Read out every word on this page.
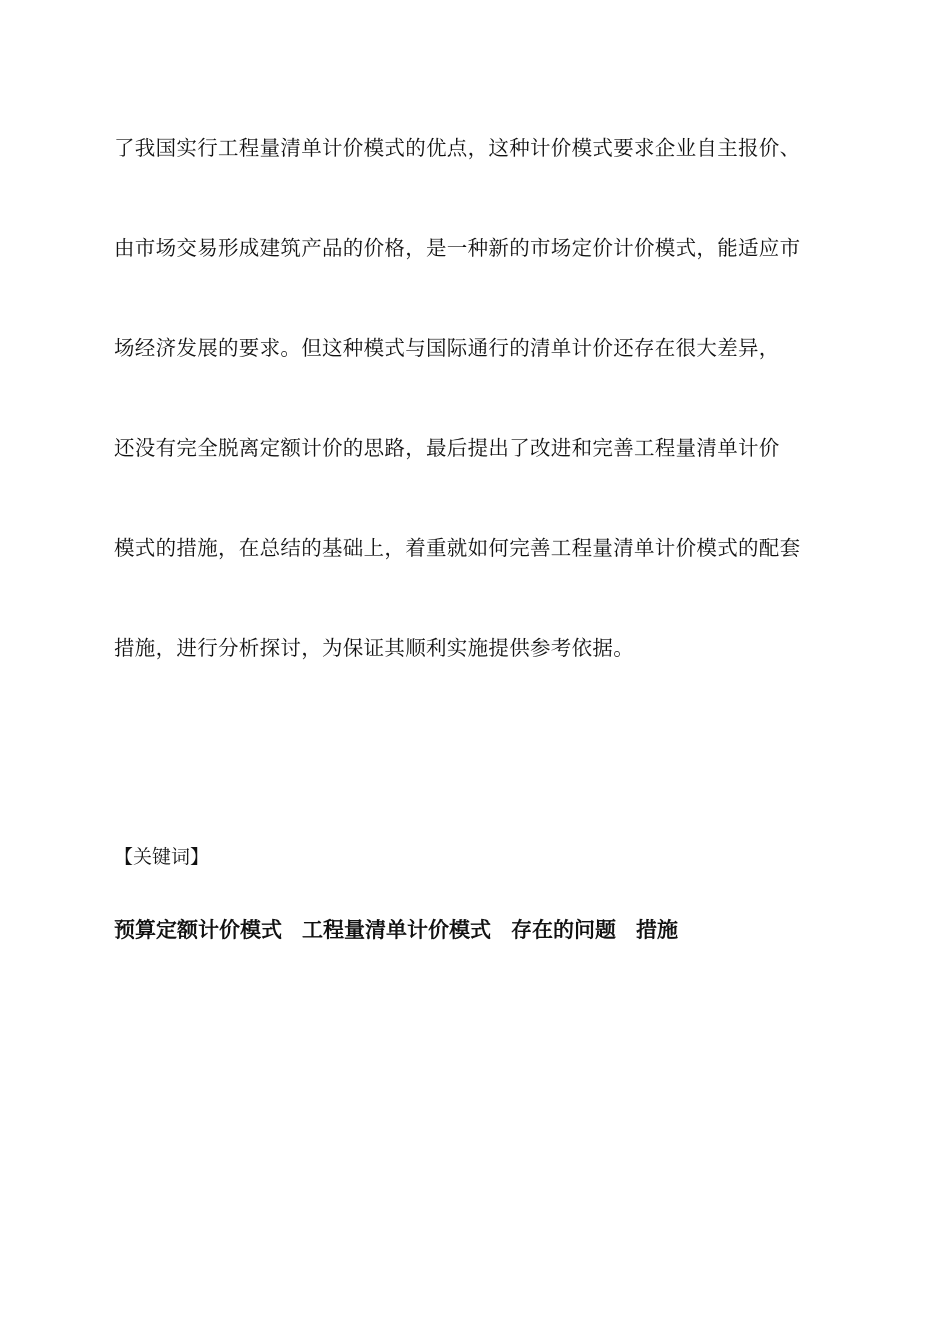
了我国实行工程量清单计价模式的优点，这种计价模式要求企业自主报价、
由市场交易形成建筑产品的价格，是一种新的市场定价计价模式，能适应市
场经济发展的要求。但这种模式与国际通行的清单计价还存在很大差异，
还没有完全脱离定额计价的思路，最后提出了改进和完善工程量清单计价
模式的措施，在总结的基础上，着重就如何完善工程量清单计价模式的配套
措施，进行分析探讨，为保证其顺利实施提供参考依据。
【关键词】
预算定额计价模式 工程量清单计价模式 存在的问题 措施
